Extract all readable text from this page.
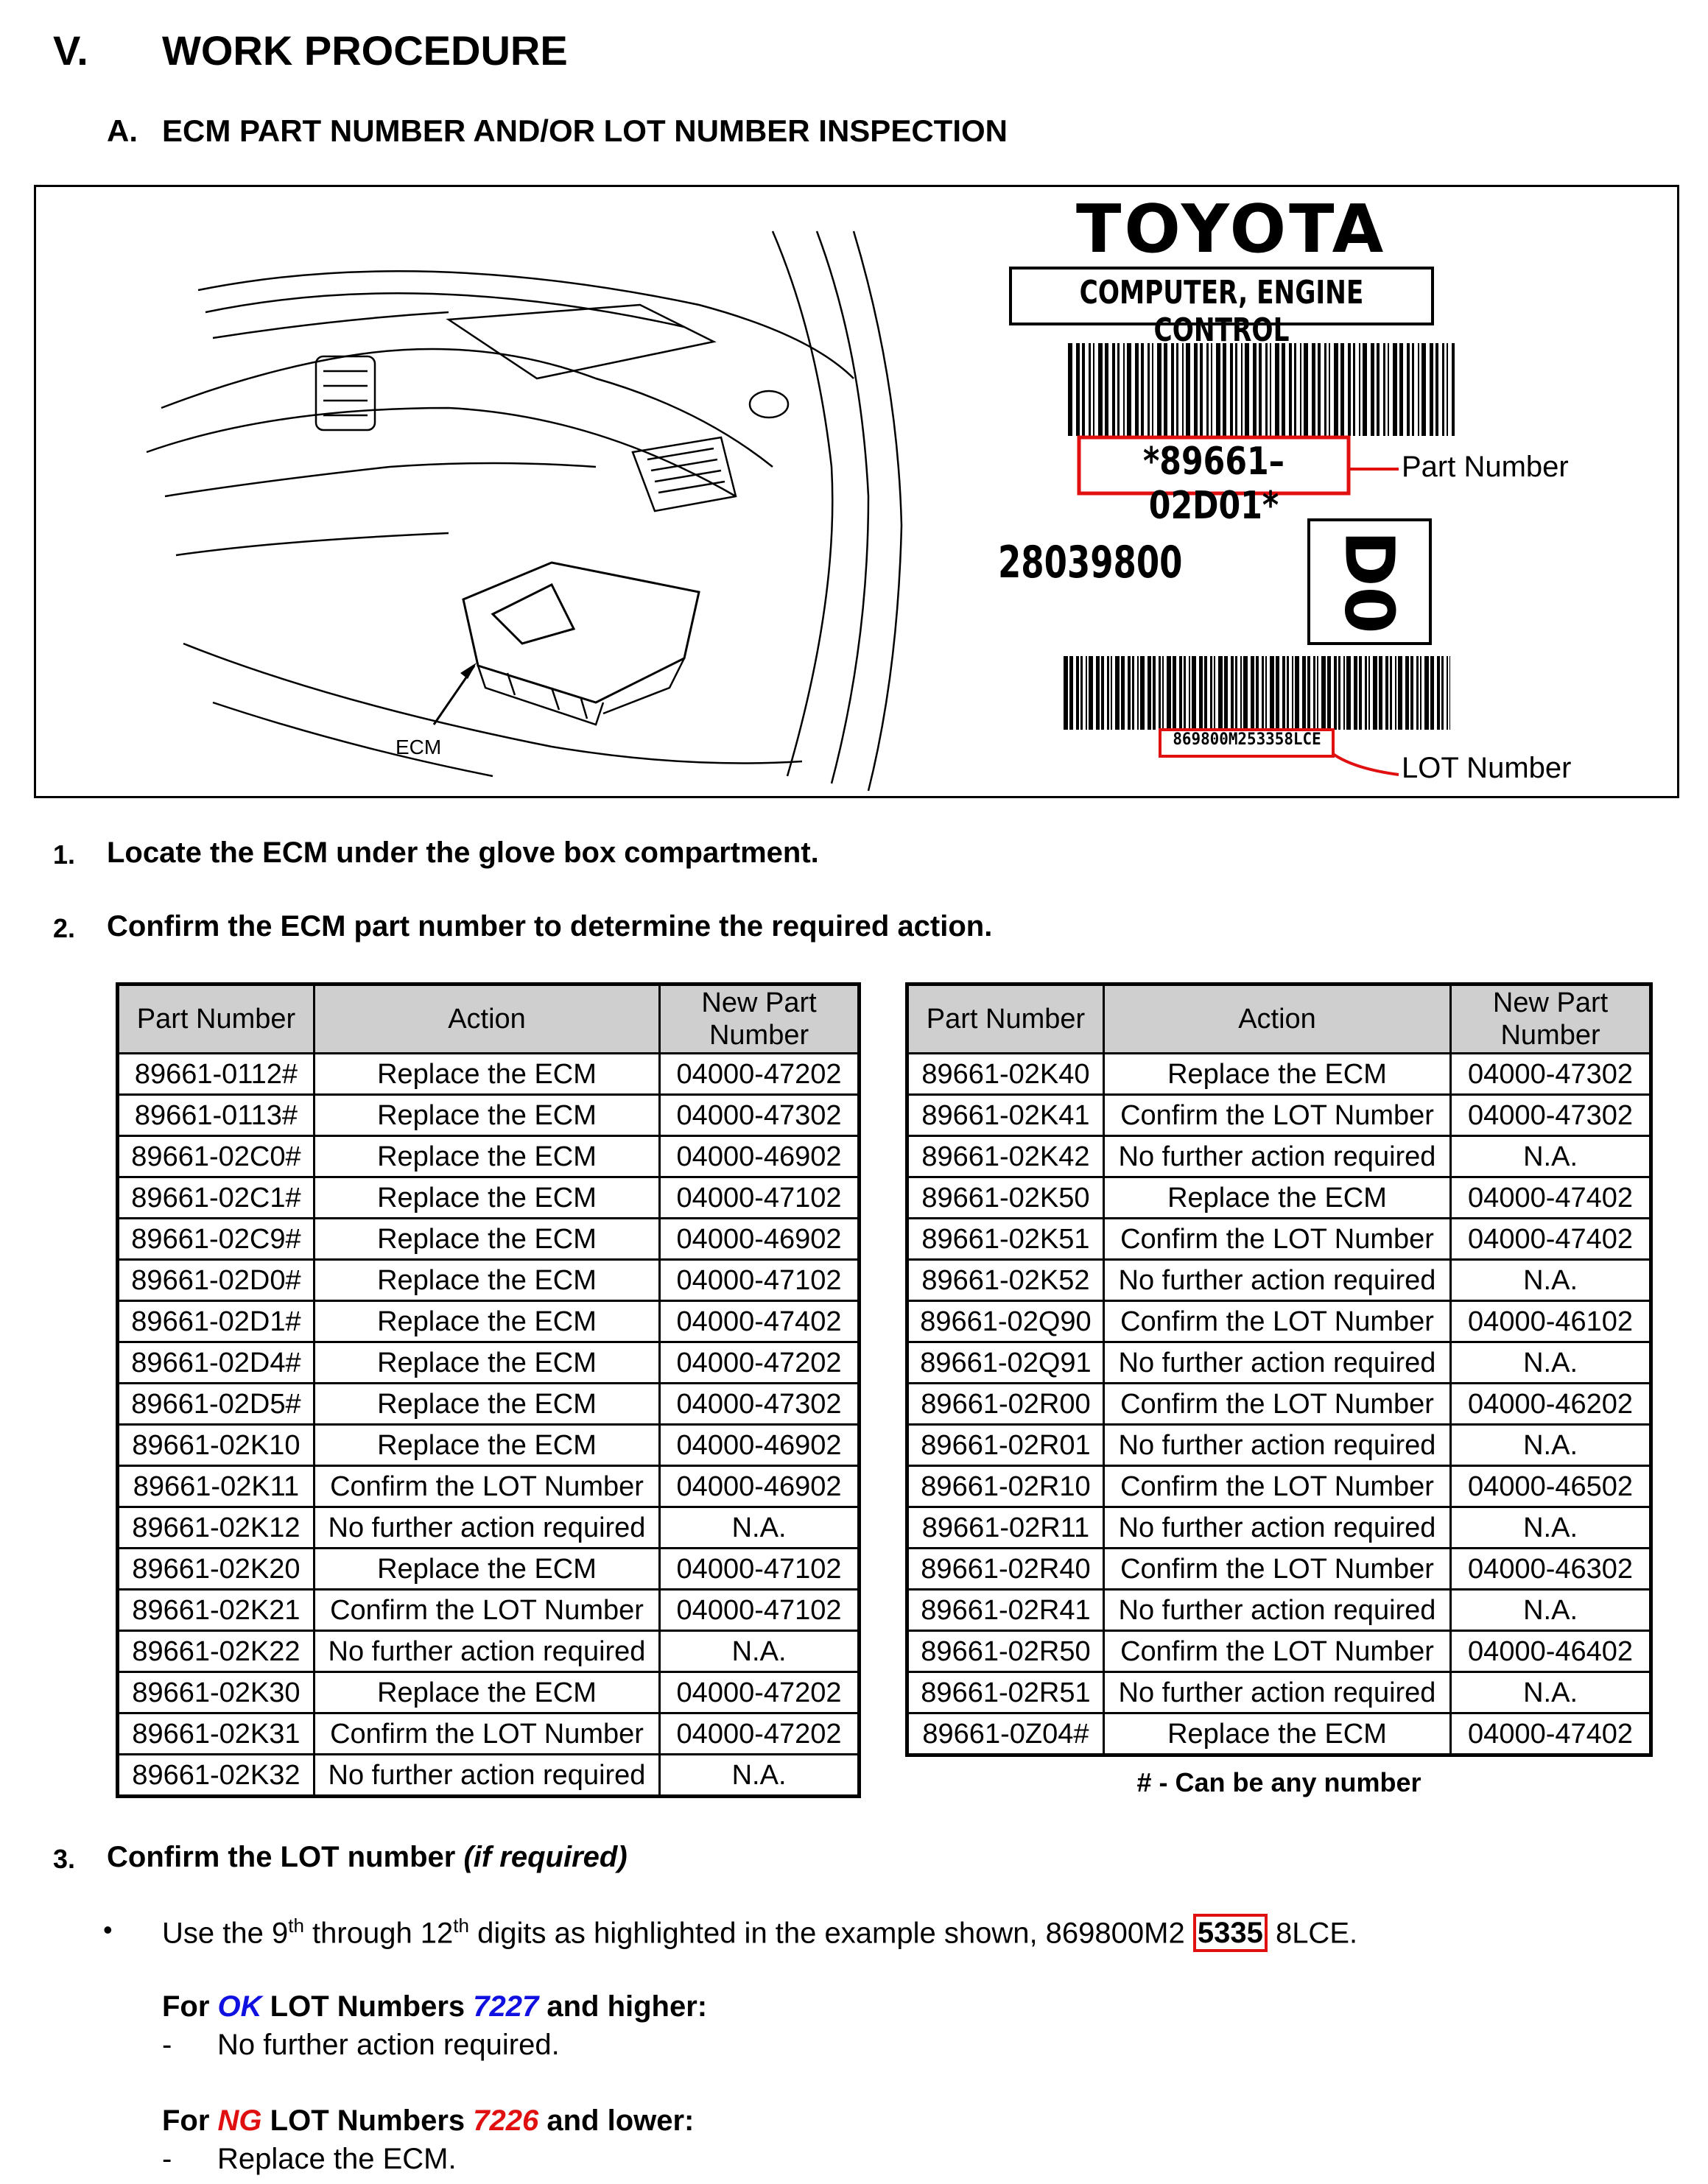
V. WORK PROCEDURE
A. ECM PART NUMBER AND/OR LOT NUMBER INSPECTION
TOYOTA
COMPUTER, ENGINE CONTROL
*89661–02D01*
Part Number
28039800 D0
869800M253358LCE
LOT Number
ECM
1. Locate the ECM under the glove box compartment.
2. Confirm the ECM part number to determine the required action.
Part Number	Action	New Part
Number
89661-0112#	Replace the ECM	04000-47202
89661-0113#	Replace the ECM	04000-47302
89661-02C0#	Replace the ECM	04000-46902
89661-02C1#	Replace the ECM	04000-47102
89661-02C9#	Replace the ECM	04000-46902
89661-02D0#	Replace the ECM	04000-47102
89661-02D1#	Replace the ECM	04000-47402
89661-02D4#	Replace the ECM	04000-47202
89661-02D5#	Replace the ECM	04000-47302
89661-02K10	Replace the ECM	04000-46902
89661-02K11	Confirm the LOT Number	04000-46902
89661-02K12	No further action required	N.A.
89661-02K20	Replace the ECM	04000-47102
89661-02K21	Confirm the LOT Number	04000-47102
89661-02K22	No further action required	N.A.
89661-02K30	Replace the ECM	04000-47202
89661-02K31	Confirm the LOT Number	04000-47202
89661-02K32	No further action required	N.A.
Part Number	Action	New Part
Number
89661-02K40	Replace the ECM	04000-47302
89661-02K41	Confirm the LOT Number	04000-47302
89661-02K42	No further action required	N.A.
89661-02K50	Replace the ECM	04000-47402
89661-02K51	Confirm the LOT Number	04000-47402
89661-02K52	No further action required	N.A.
89661-02Q90	Confirm the LOT Number	04000-46102
89661-02Q91	No further action required	N.A.
89661-02R00	Confirm the LOT Number	04000-46202
89661-02R01	No further action required	N.A.
89661-02R10	Confirm the LOT Number	04000-46502
89661-02R11	No further action required	N.A.
89661-02R40	Confirm the LOT Number	04000-46302
89661-02R41	No further action required	N.A.
89661-02R50	Confirm the LOT Number	04000-46402
89661-02R51	No further action required	N.A.
89661-0Z04#	Replace the ECM	04000-47402
# - Can be any number
3. Confirm the LOT number (if required)
• Use the 9th through 12th digits as highlighted in the example shown, 869800M2 5335 8LCE.
For OK LOT Numbers 7227 and higher:
- No further action required.
For NG LOT Numbers 7226 and lower:
- Replace the ECM.
